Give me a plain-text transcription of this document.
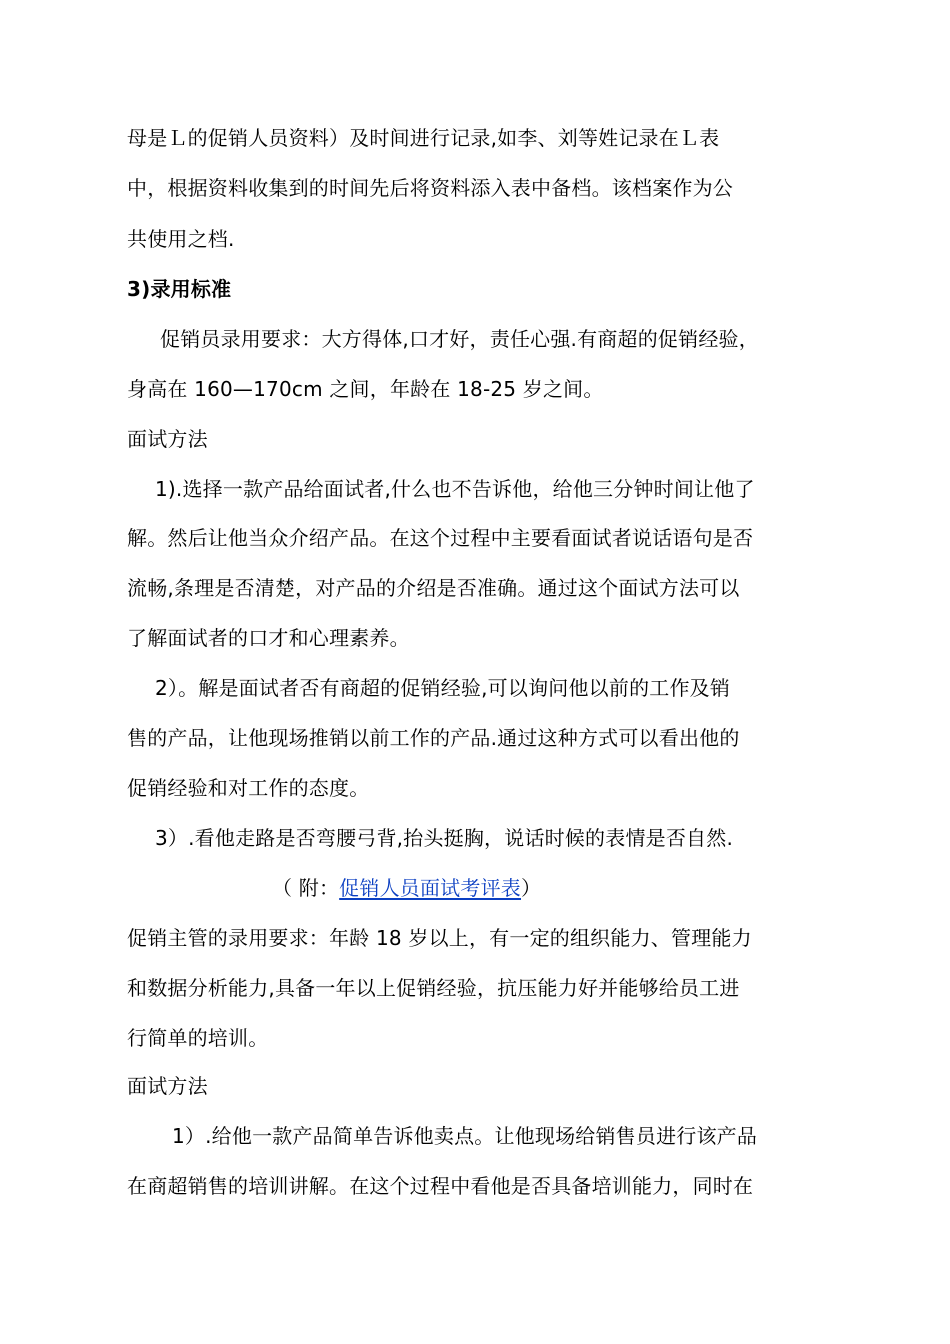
母是Ｌ的促销人员资料）及时间进行记录,如李、刘等姓记录在Ｌ表
中，根据资料收集到的时间先后将资料添入表中备档。该档案作为公
共使用之档.
3)录用标准
促销员录用要求：大方得体,口才好，责任心强.有商超的促销经验，
身高在 160—170cm 之间，年龄在 18-25 岁之间。
面试方法
1).选择一款产品给面试者,什么也不告诉他，给他三分钟时间让他了
解。然后让他当众介绍产品。在这个过程中主要看面试者说话语句是否
流畅,条理是否清楚，对产品的介绍是否准确。通过这个面试方法可以
了解面试者的口才和心理素养。
2）。解是面试者否有商超的促销经验,可以询问他以前的工作及销
售的产品，让他现场推销以前工作的产品.通过这种方式可以看出他的
促销经验和对工作的态度。
3）.看他走路是否弯腰弓背,抬头挺胸，说话时候的表情是否自然.
（ 附：促销人员面试考评表）
促销主管的录用要求：年龄 18 岁以上，有一定的组织能力、管理能力
和数据分析能力,具备一年以上促销经验，抗压能力好并能够给员工进
行简单的培训。
面试方法
1）.给他一款产品简单告诉他卖点。让他现场给销售员进行该产品
在商超销售的培训讲解。在这个过程中看他是否具备培训能力，同时在
